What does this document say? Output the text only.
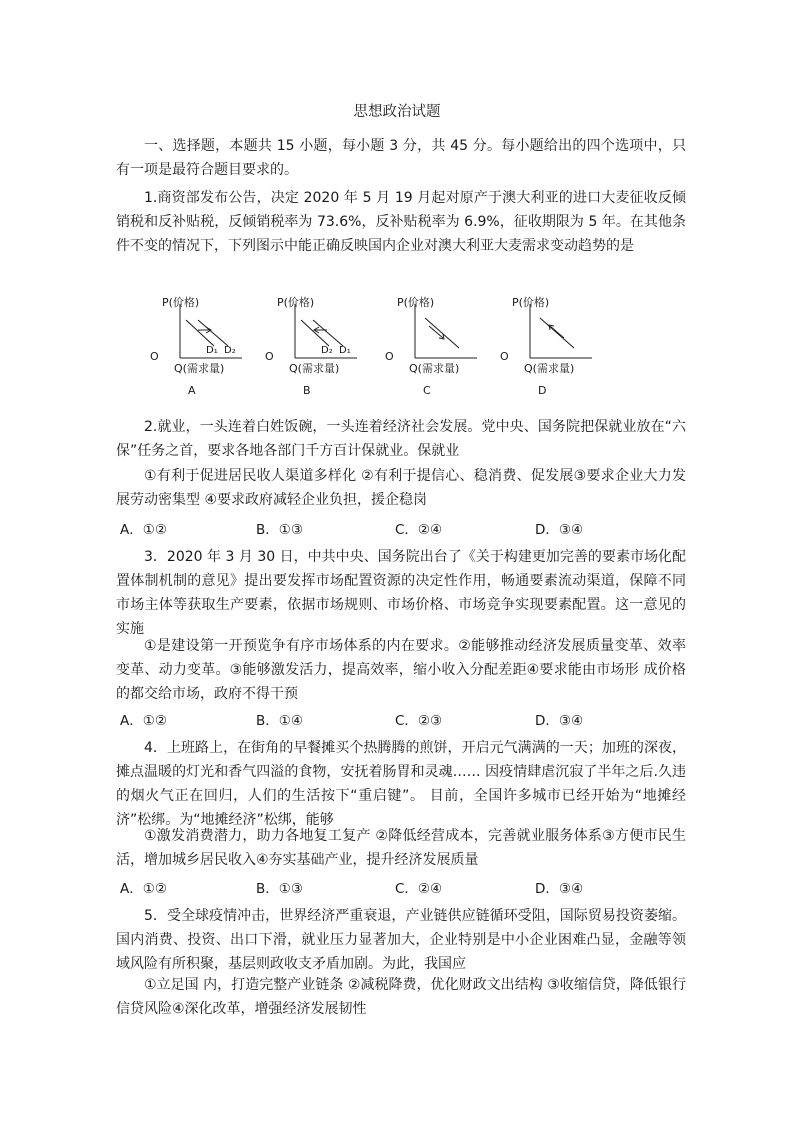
思想政治试题
一、选择题，本题共 15 小题，每小题 3 分，共 45 分。每小题给出的四个选项中，只有一项是最符合题目要求的。
1.商资部发布公告，决定 2020 年 5 月 19 月起对原产于澳大利亚的进口大麦征收反倾销税和反补贴税，反倾销税率为 73.6%，反补贴税率为 6.9%，征收期限为 5 年。在其他条件不变的情况下，下列图示中能正确反映国内企业对澳大利亚大麦需求变动趋势的是
P(价格)
O	D₁ D₂
Q(需求量)
A
P(价格)
O	D₂ D₁
Q(需求量)
B
P(价格)
O
Q(需求量)
C
P(价格)
O
Q(需求量)
D
2.就业，一头连着白姓饭碗，一头连着经济社会发展。党中央、国务院把保就业放在“六保”任务之首，要求各地各部门千方百计保就业。保就业
①有利于促进居民收人渠道多样化 ②有利于提信心、稳消费、促发展③要求企业大力发展劳动密集型 ④要求政府减轻企业负担，援企稳岗
A．①②	B．①③	C．②④	D．③④
3．2020 年 3 月 30 日，中共中央、国务院出台了《关于构建更加完善的要素市场化配置体制机制的意见》提出要发挥市场配置资源的决定性作用，畅通要素流动渠道，保障不同市场主体等获取生产要素，依据市场规则、市场价格、市场竞争实现要素配置。这一意见的实施
①是建设第一开预览争有序市场体系的内在要求。②能够推动经济发展质量变革、效率变革、动力变革。③能够激发活力，提高效率，缩小收入分配差距④要求能由市场形 成价格的都交给市场，政府不得干预
A．①②	B．①④	C．②③	D．③④
4．上班路上，在街角的早餐摊买个热腾腾的煎饼，开启元气满满的一天；加班的深夜，摊点温暖的灯光和香气四溢的食物，安抚着肠胃和灵魂…… 因疫情肆虐沉寂了半年之后.久违的烟火气正在回归，人们的生活按下“重启键”。 目前，全国许多城市已经开始为“地摊经济”松绑。为“地摊经济”松绑，能够
①激发消费潜力，助力各地复工复产 ②降低经营成本，完善就业服务体系③方便市民生活，增加城乡居民收入④夯实基础产业，提升经济发展质量
A．①②	B．①③	C．②④	D．③④
5．受全球疫情冲击，世界经济严重衰退，产业链供应链循环受阻，国际贸易投资萎缩。国内消费、投资、出口下滑，就业压力显著加大，企业特别是中小企业困难凸显，金融等领域风险有所积聚，基层则政收支矛盾加剧。为此，我国应
①立足国 内，打造完整产业链条 ②减税降费，优化财政文出结构 ③收缩信贷，降低银行信贷风险④深化改革，增强经济发展韧性
